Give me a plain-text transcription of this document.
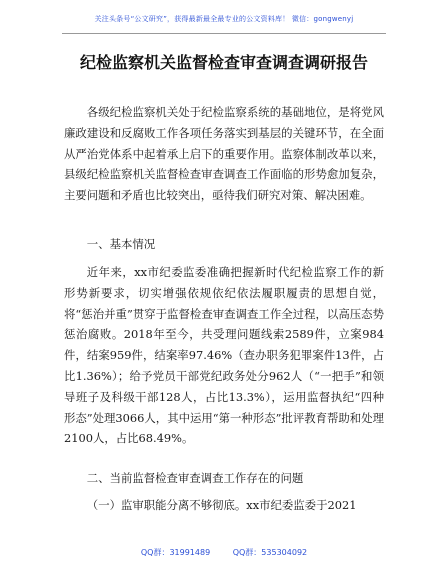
关注头条号“公文研究”，获得最新最全最专业的公文资料库！ 微信：gongwenyj
纪检监察机关监督检查审查调查调研报告
各级纪检监察机关处于纪检监察系统的基础地位，是将党风廉政建设和反腐败工作各项任务落实到基层的关键环节，在全面从严治党体系中起着承上启下的重要作用。监察体制改革以来，县级纪检监察机关监督检查审查调查工作面临的形势愈加复杂，主要问题和矛盾也比较突出，亟待我们研究对策、解决困难。
一、基本情况
近年来，xx市纪委监委准确把握新时代纪检监察工作的新形势新要求，切实增强依规依纪依法履职履责的思想自觉，将“惩治并重”贯穿于监督检查审查调查工作全过程，以高压态势惩治腐败。2018年至今，共受理问题线索2589件，立案984件，结案959件，结案率97.46%（查办职务犯罪案件13件，占比1.36%）；给予党员干部党纪政务处分962人（“一把手”和领导班子及科级干部128人，占比13.3%），运用监督执纪“四种形态”处理3066人，其中运用“第一种形态”批评教育帮助和处理2100人，占比68.49%。
二、当前监督检查审查调查工作存在的问题
（一）监审职能分离不够彻底。xx市纪委监委于2021
QQ群：31991489	QQ群：535304092
